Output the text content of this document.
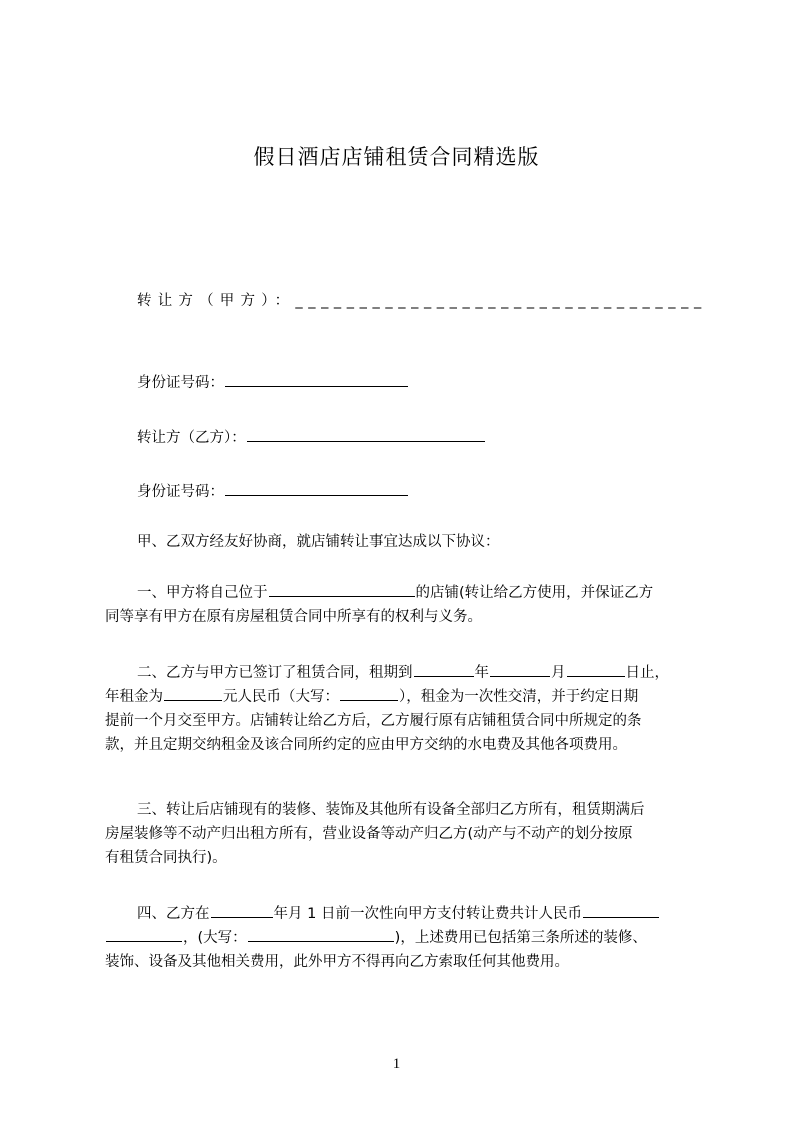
假日酒店店铺租赁合同精选版
转让方（甲方）：_ _ _ _ _ _ _ _ _ _ _ _ _ _ _ _ _ _ _ _ _ _ _ _ _ _ _ _ _ _ _ _
身份证号码：
转让方（乙方）：
身份证号码：
甲、乙双方经友好协商，就店铺转让事宜达成以下协议：
一、甲方将自己位于	的店铺(转让给乙方使用，并保证乙方
同等享有甲方在原有房屋租赁合同中所享有的权利与义务。
二、乙方与甲方已签订了租赁合同，租期到	年	月	日止，
年租金为	元人民币（大写：	），租金为一次性交清，并于约定日期
提前一个月交至甲方。店铺转让给乙方后，乙方履行原有店铺租赁合同中所规定的条
款，并且定期交纳租金及该合同所约定的应由甲方交纳的水电费及其他各项费用。
三、转让后店铺现有的装修、装饰及其他所有设备全部归乙方所有，租赁期满后
房屋装修等不动产归出租方所有，营业设备等动产归乙方(动产与不动产的划分按原
有租赁合同执行)。
四、乙方在	年月 1 日前一次性向甲方支付转让费共计人民币
，(大写：	)，上述费用已包括第三条所述的装修、
装饰、设备及其他相关费用，此外甲方不得再向乙方索取任何其他费用。
1
